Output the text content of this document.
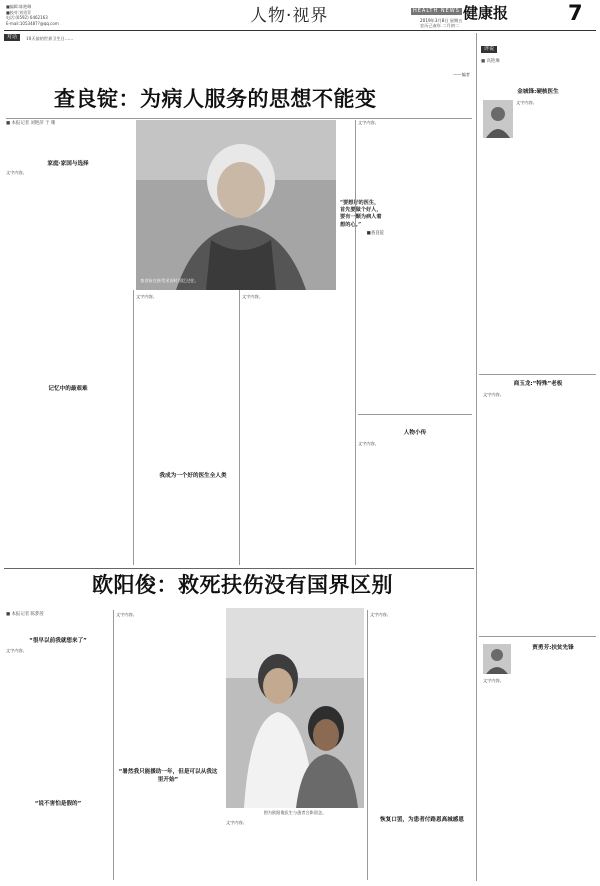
■编辑:陈艳琳
■校对:刘贵菲
电话:(0592) 6462163
E-mail:1053487?@qq.com	人物·视界	HEALTH NEWS 健康报	7
2019年3月8日 星期五
农历己亥年 二月初二
对话	10天前的世界卫生日……
——编者
查良锭：为病人服务的思想不能变
■ 本报记者 刘艳萍 于 珊
查良锭在接受采访时回忆过往。
“要想好的医生，首先要做个好人，要有一颗为病人着想的心。”
■查良锭
家庭·家国与选择
文字内容。
记忆中的最艰难
文字内容。
我成为一个好的医生全人类
文字内容。
文字内容。
人物小传
文字内容。
欧阳俊：救死扶伤没有国界区别
■ 本报记者 陈梦茜
“很早以前我就想来了”
文字内容。
“说不害怕是假的”
文字内容。
“暑然我只能援助一年，但是可以从我这里开始”
图为欧阳俊医生与患者合影留念。
文字内容。
文字内容。
恢复口罢，为患者付路恩高城感恩
评说
■ 高艳琳
金城锋:硬核医生
文字内容。
商玉龙:“特殊”老板
文字内容。
贾勇芳:扶贫先锋
文字内容。
